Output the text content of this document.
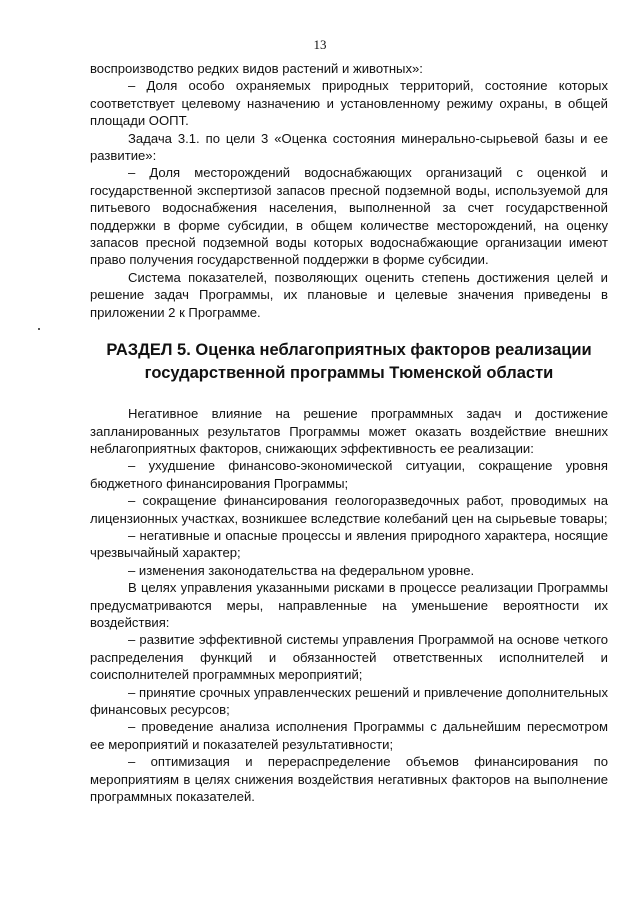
13

воспроизводство редких видов растений и животных»:

– Доля особо охраняемых природных территорий, состояние которых соответствует целевому назначению и установленному режиму охраны, в общей площади ООПТ.

Задача 3.1. по цели 3 «Оценка состояния минерально-сырьевой базы и ее развитие»:

– Доля месторождений водоснабжающих организаций с оценкой и государственной экспертизой запасов пресной подземной воды, используемой для питьевого водоснабжения населения, выполненной за счет государственной поддержки в форме субсидии, в общем количестве месторождений, на оценку запасов пресной подземной воды которых водоснабжающие организации имеют право получения государственной поддержки в форме субсидии.

Система показателей, позволяющих оценить степень достижения целей и решение задач Программы, их плановые и целевые значения приведены в приложении 2 к Программе.

РАЗДЕЛ 5. Оценка неблагоприятных факторов реализации
государственной программы Тюменской области

Негативное влияние на решение программных задач и достижение запланированных результатов Программы может оказать воздействие внешних неблагоприятных факторов, снижающих эффективность ее реализации:

– ухудшение финансово-экономической ситуации, сокращение уровня бюджетного финансирования Программы;

– сокращение финансирования геологоразведочных работ, проводимых на лицензионных участках, возникшее вследствие колебаний цен на сырьевые товары;

– негативные и опасные процессы и явления природного характера, носящие чрезвычайный характер;

– изменения законодательства на федеральном уровне.

В целях управления указанными рисками в процессе реализации Программы предусматриваются меры, направленные на уменьшение вероятности их воздействия:

– развитие эффективной системы управления Программой на основе четкого распределения функций и обязанностей ответственных исполнителей и соисполнителей программных мероприятий;

– принятие срочных управленческих решений и привлечение дополнительных финансовых ресурсов;

– проведение анализа исполнения Программы с дальнейшим пересмотром ее мероприятий и показателей результативности;

– оптимизация и перераспределение объемов финансирования по мероприятиям в целях снижения воздействия негативных факторов на выполнение программных показателей.
